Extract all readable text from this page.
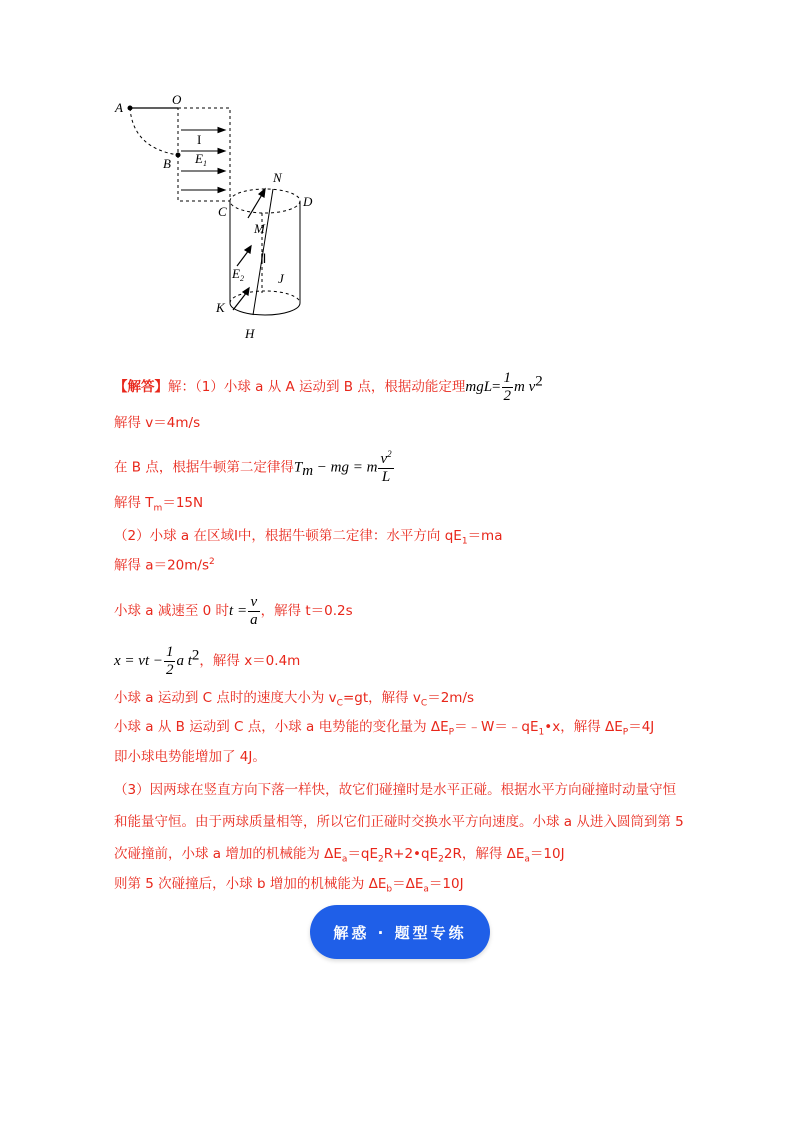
A
O
B
I
$E_1$
C
D
N
M
Ⅱ
$E_2$	J
K
H
【解答】解：（1）小球 a 从 A 运动到 B 点，根据动能定理$mgL= \frac{1}{2}$ m $v^2$
解得 v＝4m/s
在 B 点，根据牛顿第二定律得$T_m$ − mg = m $\frac{v^2}{L}$
解得 $T_m=15N$
（2）小球 a 在区域Ⅰ中，根据牛顿第二定律：水平方向 $qE_1=ma$
解得 $a=20m/s^2$
小球 a 减速至 0 时$t = \frac{v}{a}$ ，解得 t＝0.2s
x = vt − $\frac{1}{2}$ a $t^2$，解得 x＝0.4m
小球 a 运动到 C 点时的速度大小为 $v_C=gt$，解得 $v_C=2m/s$
小球 a 从 B 运动到 C 点，小球 a 电势能的变化量为 $\Delta E_P=﹣W=﹣qE_1•x$，解得 $\Delta E_P=4J$
即小球电势能增加了 4J。
（3）因两球在竖直方向下落一样快，故它们碰撞时是水平正碰。根据水平方向碰撞时动量守恒
和能量守恒。由于两球质量相等，所以它们正碰时交换水平方向速度。小球 a 从进入圆筒到第 5
次碰撞前，小球 a 增加的机械能为 $\Delta E_a=qE_2R+2•qE_22R$，解得 $\Delta E_a=10J$
则第 5 次碰撞后，小球 b 增加的机械能为 $\Delta E_b=\Delta E_a=10J$
解惑 · 题型专练
